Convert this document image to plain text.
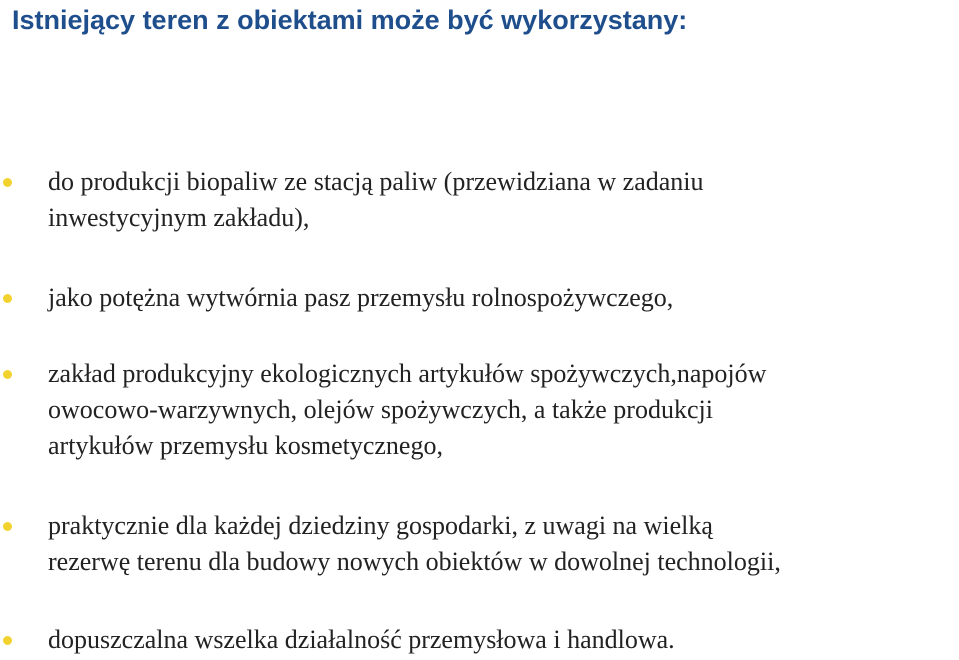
Istniejący teren z obiektami może być wykorzystany:
do produkcji biopaliw ze stacją paliw (przewidziana w zadaniu
inwestycyjnym zakładu),
jako potężna wytwórnia pasz przemysłu rolnospożywczego,
zakład produkcyjny ekologicznych artykułów spożywczych,napojów
owocowo-warzywnych, olejów spożywczych, a także produkcji
artykułów przemysłu kosmetycznego,
praktycznie dla każdej dziedziny gospodarki, z uwagi na wielką
rezerwę terenu dla budowy nowych obiektów w dowolnej technologii,
dopuszczalna wszelka działalność przemysłowa i handlowa.
